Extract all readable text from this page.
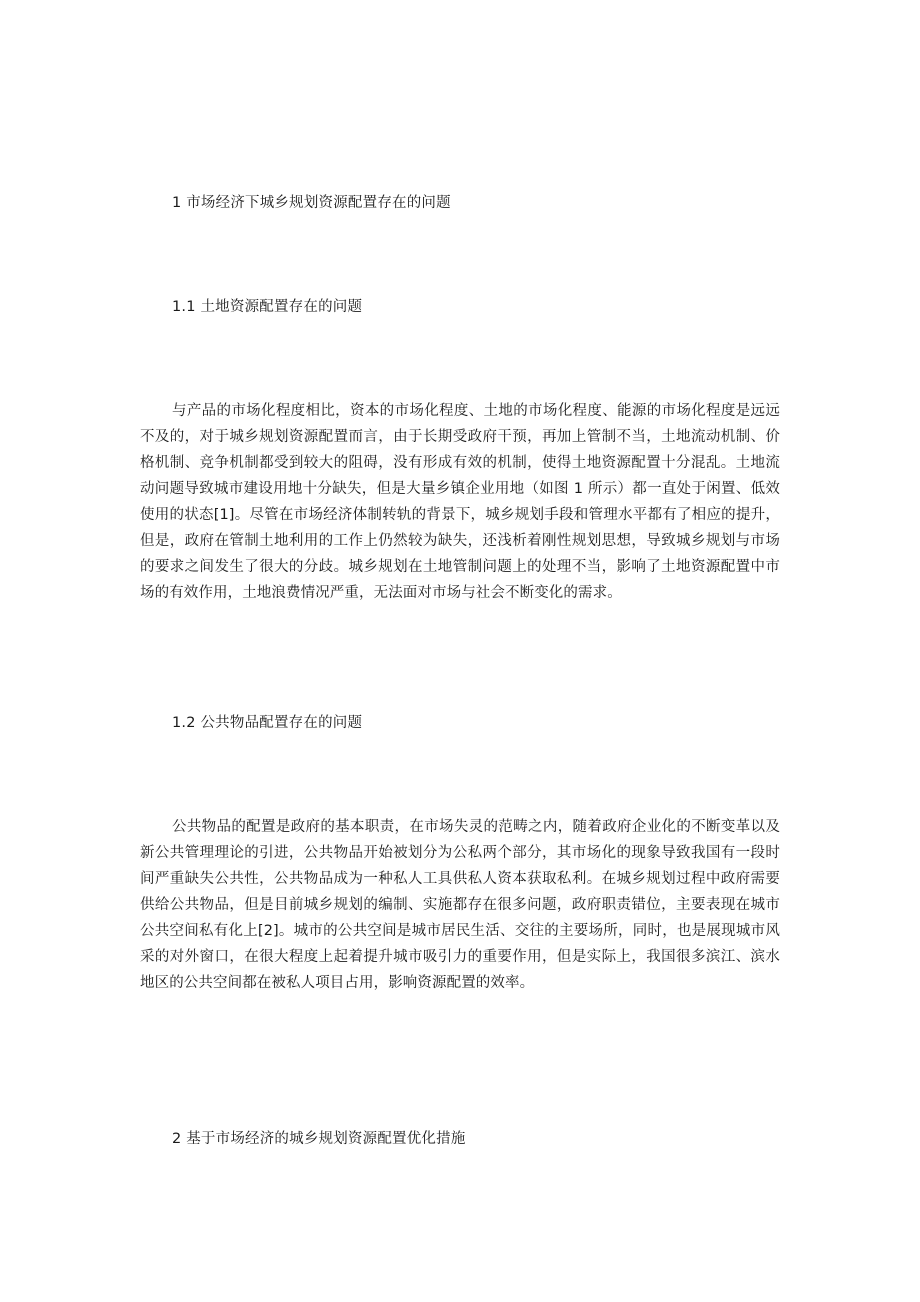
1 市场经济下城乡规划资源配置存在的问题
1.1 土地资源配置存在的问题
与产品的市场化程度相比，资本的市场化程度、土地的市场化程度、能源的市场化程度是远远不及的，对于城乡规划资源配置而言，由于长期受政府干预，再加上管制不当，土地流动机制、价格机制、竞争机制都受到较大的阻碍，没有形成有效的机制，使得土地资源配置十分混乱。土地流动问题导致城市建设用地十分缺失，但是大量乡镇企业用地（如图 1 所示）都一直处于闲置、低效使用的状态[1]。尽管在市场经济体制转轨的背景下，城乡规划手段和管理水平都有了相应的提升，但是，政府在管制土地利用的工作上仍然较为缺失，还浅析着刚性规划思想，导致城乡规划与市场的要求之间发生了很大的分歧。城乡规划在土地管制问题上的处理不当，影响了土地资源配置中市场的有效作用，土地浪费情况严重，无法面对市场与社会不断变化的需求。
1.2 公共物品配置存在的问题
公共物品的配置是政府的基本职责，在市场失灵的范畴之内，随着政府企业化的不断变革以及新公共管理理论的引进，公共物品开始被划分为公私两个部分，其市场化的现象导致我国有一段时间严重缺失公共性，公共物品成为一种私人工具供私人资本获取私利。在城乡规划过程中政府需要供给公共物品，但是目前城乡规划的编制、实施都存在很多问题，政府职责错位，主要表现在城市公共空间私有化上[2]。城市的公共空间是城市居民生活、交往的主要场所，同时，也是展现城市风采的对外窗口，在很大程度上起着提升城市吸引力的重要作用，但是实际上，我国很多滨江、滨水地区的公共空间都在被私人项目占用，影响资源配置的效率。
2 基于市场经济的城乡规划资源配置优化措施
